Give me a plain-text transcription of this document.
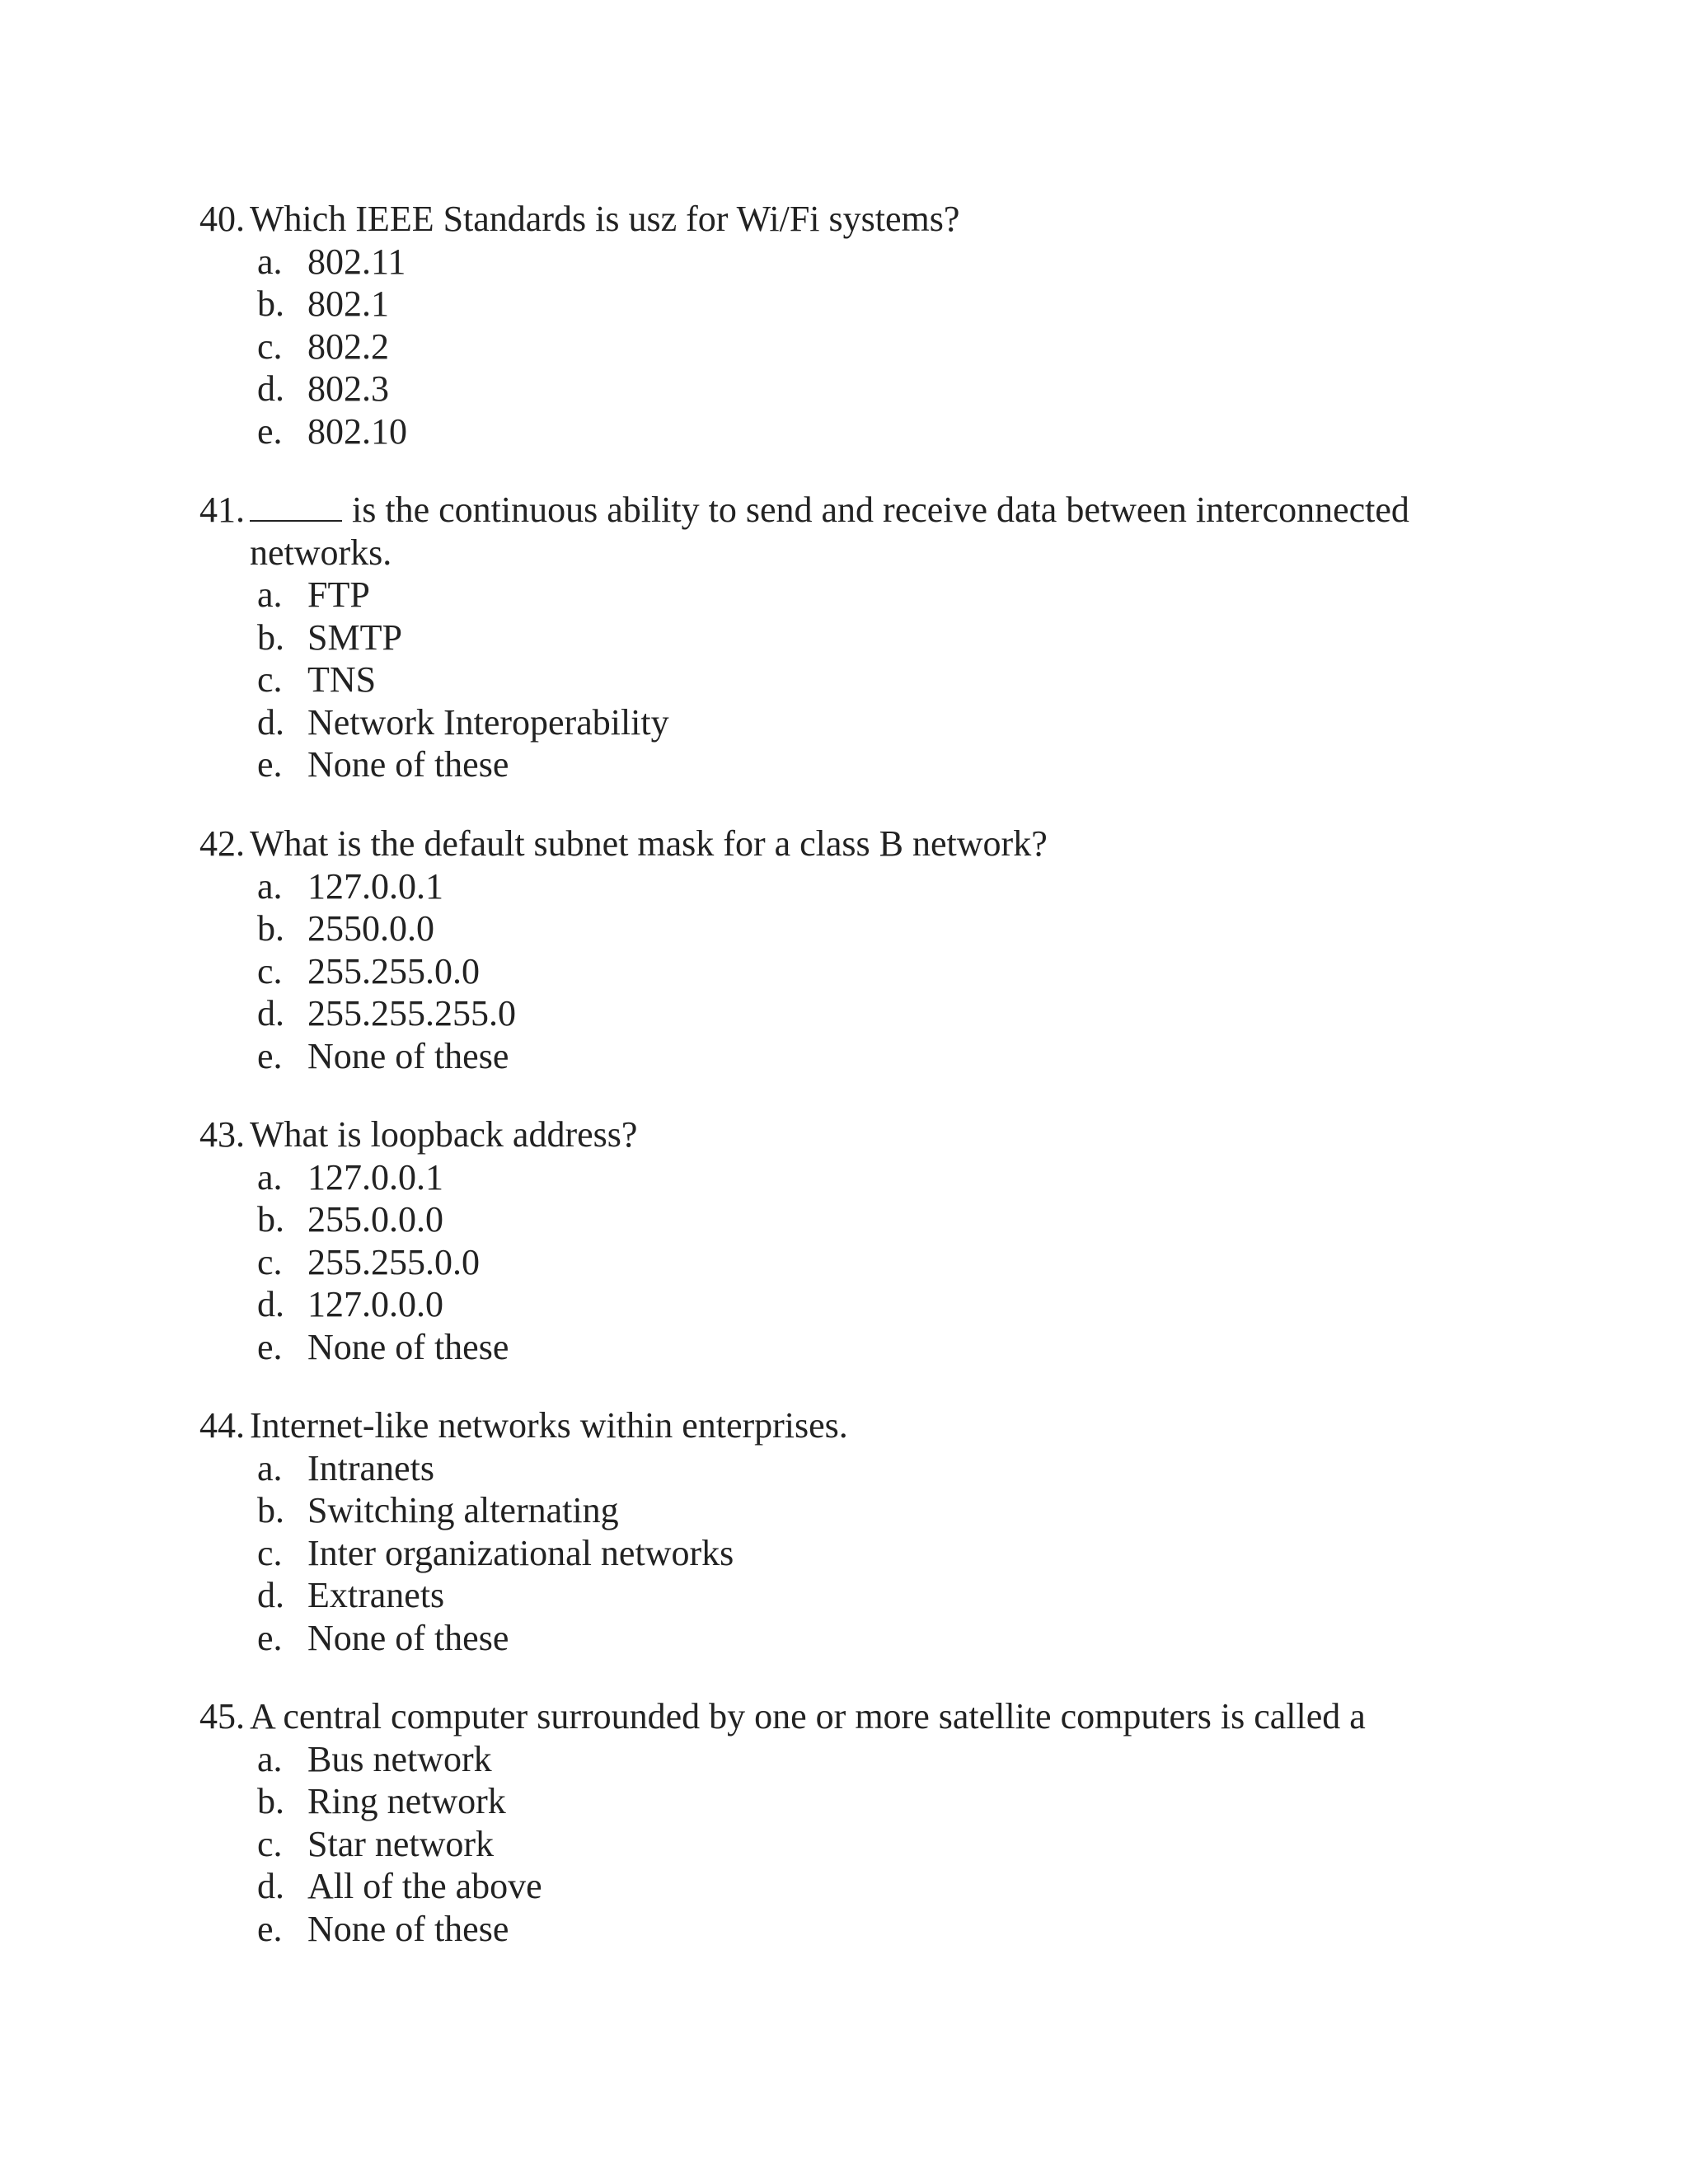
40. Which IEEE Standards is usz for Wi/Fi systems?
a. 802.11
b. 802.1
c. 802.2
d. 802.3
e. 802.10
41.	is the continuous ability to send and receive data between interconnected
networks.
a. FTP
b. SMTP
c. TNS
d. Network Interoperability
e. None of these
42. What is the default subnet mask for a class B network?
a. 127.0.0.1
b. 2550.0.0
c. 255.255.0.0
d. 255.255.255.0
e. None of these
43. What is loopback address?
a. 127.0.0.1
b. 255.0.0.0
c. 255.255.0.0
d. 127.0.0.0
e. None of these
44. Internet-like networks within enterprises.
a. Intranets
b. Switching alternating
c. Inter organizational networks
d. Extranets
e. None of these
45. A central computer surrounded by one or more satellite computers is called a
a. Bus network
b. Ring network
c. Star network
d. All of the above
e. None of these
